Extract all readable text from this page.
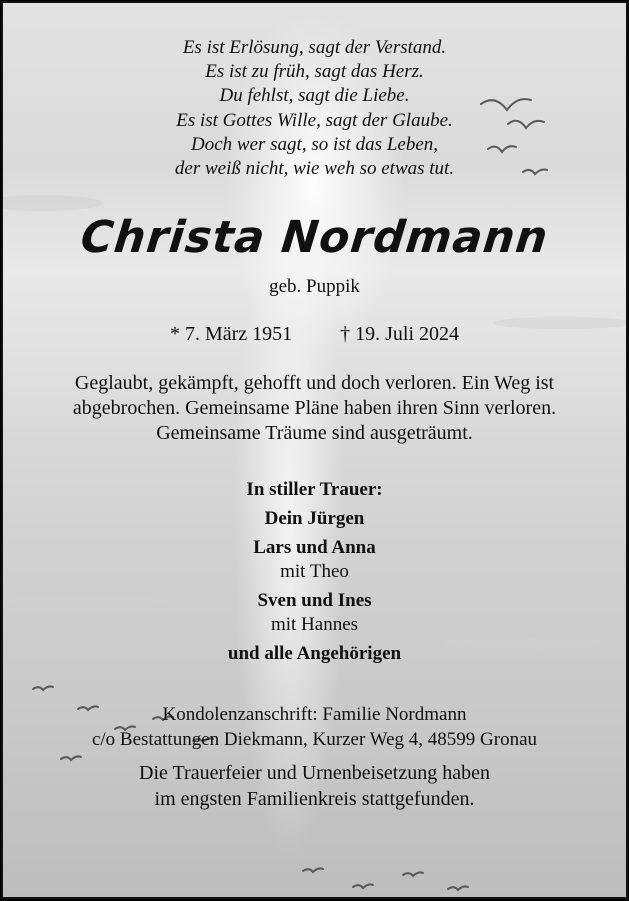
Es ist Erlösung, sagt der Verstand.
Es ist zu früh, sagt das Herz.
Du fehlst, sagt die Liebe.
Es ist Gottes Wille, sagt der Glaube.
Doch wer sagt, so ist das Leben,
der weiß nicht, wie weh so etwas tut.
Christa Nordmann
geb. Puppik
* 7. März 1951 † 19. Juli 2024
Geglaubt, gekämpft, gehofft und doch verloren. Ein Weg ist
abgebrochen. Gemeinsame Pläne haben ihren Sinn verloren.
Gemeinsame Träume sind ausgeträumt.
In stiller Trauer:
Dein Jürgen
Lars und Anna
mit Theo
Sven und Ines
mit Hannes
und alle Angehörigen
Kondolenzanschrift: Familie Nordmann
c/o Bestattungen Diekmann, Kurzer Weg 4, 48599 Gronau
Die Trauerfeier und Urnenbeisetzung haben
im engsten Familienkreis stattgefunden.
